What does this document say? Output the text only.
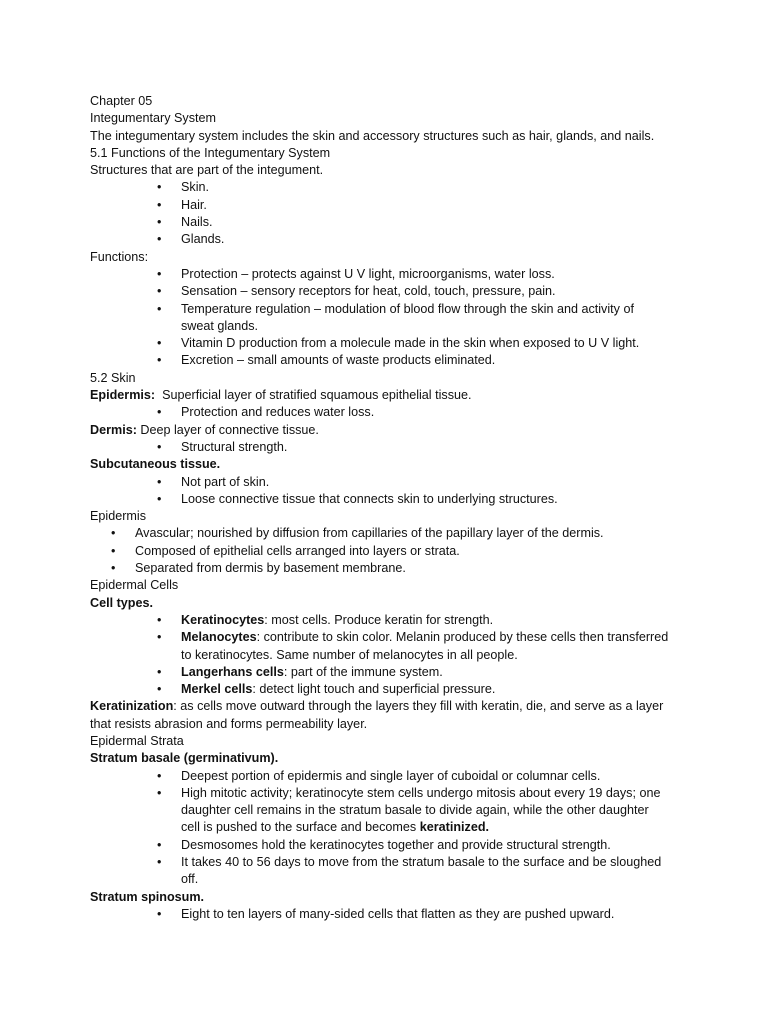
Chapter 05
Integumentary System
The integumentary system includes the skin and accessory structures such as hair, glands, and nails.
5.1 Functions of the Integumentary System
Structures that are part of the integument.
• Skin.
• Hair.
• Nails.
• Glands.
Functions:
• Protection – protects against U V light, microorganisms, water loss.
• Sensation – sensory receptors for heat, cold, touch, pressure, pain.
• Temperature regulation – modulation of blood flow through the skin and activity of
sweat glands.
• Vitamin D production from a molecule made in the skin when exposed to U V light.
• Excretion – small amounts of waste products eliminated.
5.2 Skin
Epidermis: Superficial layer of stratified squamous epithelial tissue.
• Protection and reduces water loss.
Dermis: Deep layer of connective tissue.
• Structural strength.
Subcutaneous tissue.
• Not part of skin.
• Loose connective tissue that connects skin to underlying structures.
Epidermis
• Avascular; nourished by diffusion from capillaries of the papillary layer of the dermis.
• Composed of epithelial cells arranged into layers or strata.
• Separated from dermis by basement membrane.
Epidermal Cells
Cell types.
• Keratinocytes: most cells. Produce keratin for strength.
• Melanocytes: contribute to skin color. Melanin produced by these cells then transferred
to keratinocytes. Same number of melanocytes in all people.
• Langerhans cells: part of the immune system.
• Merkel cells: detect light touch and superficial pressure.
Keratinization: as cells move outward through the layers they fill with keratin, die, and serve as a layer
that resists abrasion and forms permeability layer.
Epidermal Strata
Stratum basale (germinativum).
• Deepest portion of epidermis and single layer of cuboidal or columnar cells.
• High mitotic activity; keratinocyte stem cells undergo mitosis about every 19 days; one
daughter cell remains in the stratum basale to divide again, while the other daughter
cell is pushed to the surface and becomes keratinized.
• Desmosomes hold the keratinocytes together and provide structural strength.
• It takes 40 to 56 days to move from the stratum basale to the surface and be sloughed
off.
Stratum spinosum.
• Eight to ten layers of many-sided cells that flatten as they are pushed upward.
